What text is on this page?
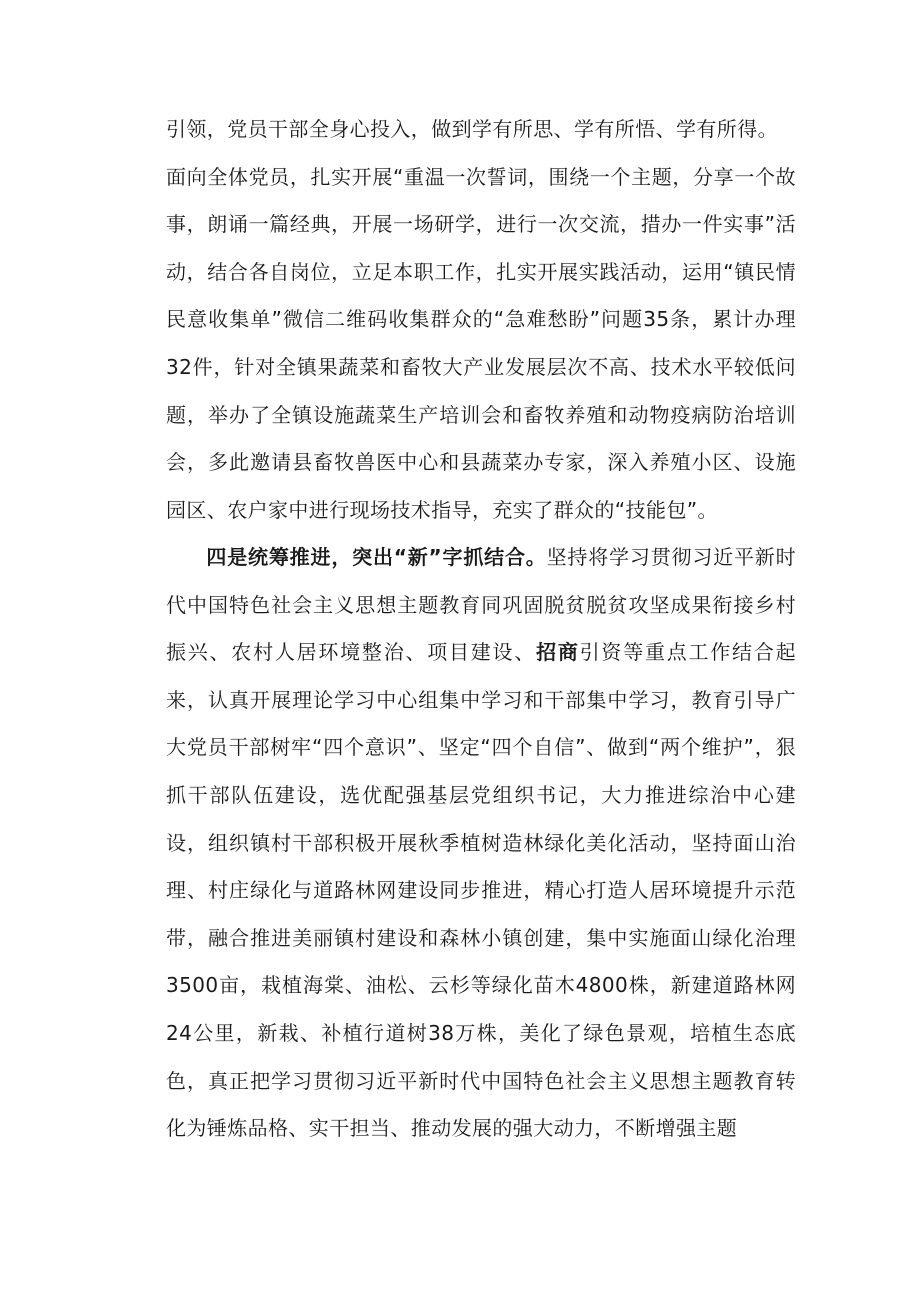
引领，党员干部全身心投入，做到学有所思、学有所悟、学有所得。
面向全体党员，扎实开展“重温一次誓词，围绕一个主题，分享一个故事，朗诵一篇经典，开展一场研学，进行一次交流，措办一件实事”活动，结合各自岗位，立足本职工作，扎实开展实践活动，运用“镇民情民意收集单”微信二维码收集群众的“急难愁盼”问题35条，累计办理32件，针对全镇果蔬菜和畜牧大产业发展层次不高、技术水平较低问题，举办了全镇设施蔬菜生产培训会和畜牧养殖和动物疫病防治培训会，多此邀请县畜牧兽医中心和县蔬菜办专家，深入养殖小区、设施园区、农户家中进行现场技术指导，充实了群众的“技能包”。

四是统筹推进，突出“新”字抓结合。坚持将学习贯彻习近平新时代中国特色社会主义思想主题教育同巩固脱贫脱贫攻坚成果衔接乡村振兴、农村人居环境整治、项目建设、招商引资等重点工作结合起来，认真开展理论学习中心组集中学习和干部集中学习，教育引导广大党员干部树牢“四个意识”、坚定“四个自信”、做到“两个维护”，狠抓干部队伍建设，选优配强基层党组织书记，大力推进综治中心建设，组织镇村干部积极开展秋季植树造林绿化美化活动，坚持面山治理、村庄绿化与道路林网建设同步推进，精心打造人居环境提升示范带，融合推进美丽镇村建设和森林小镇创建，集中实施面山绿化治理3500亩，栽植海棠、油松、云杉等绿化苗木4800株，新建道路林网24公里，新栽、补植行道树38万株，美化了绿色景观，培植生态底色，真正把学习贯彻习近平新时代中国特色社会主义思想主题教育转化为锤炼品格、实干担当、推动发展的强大动力，不断增强主题
